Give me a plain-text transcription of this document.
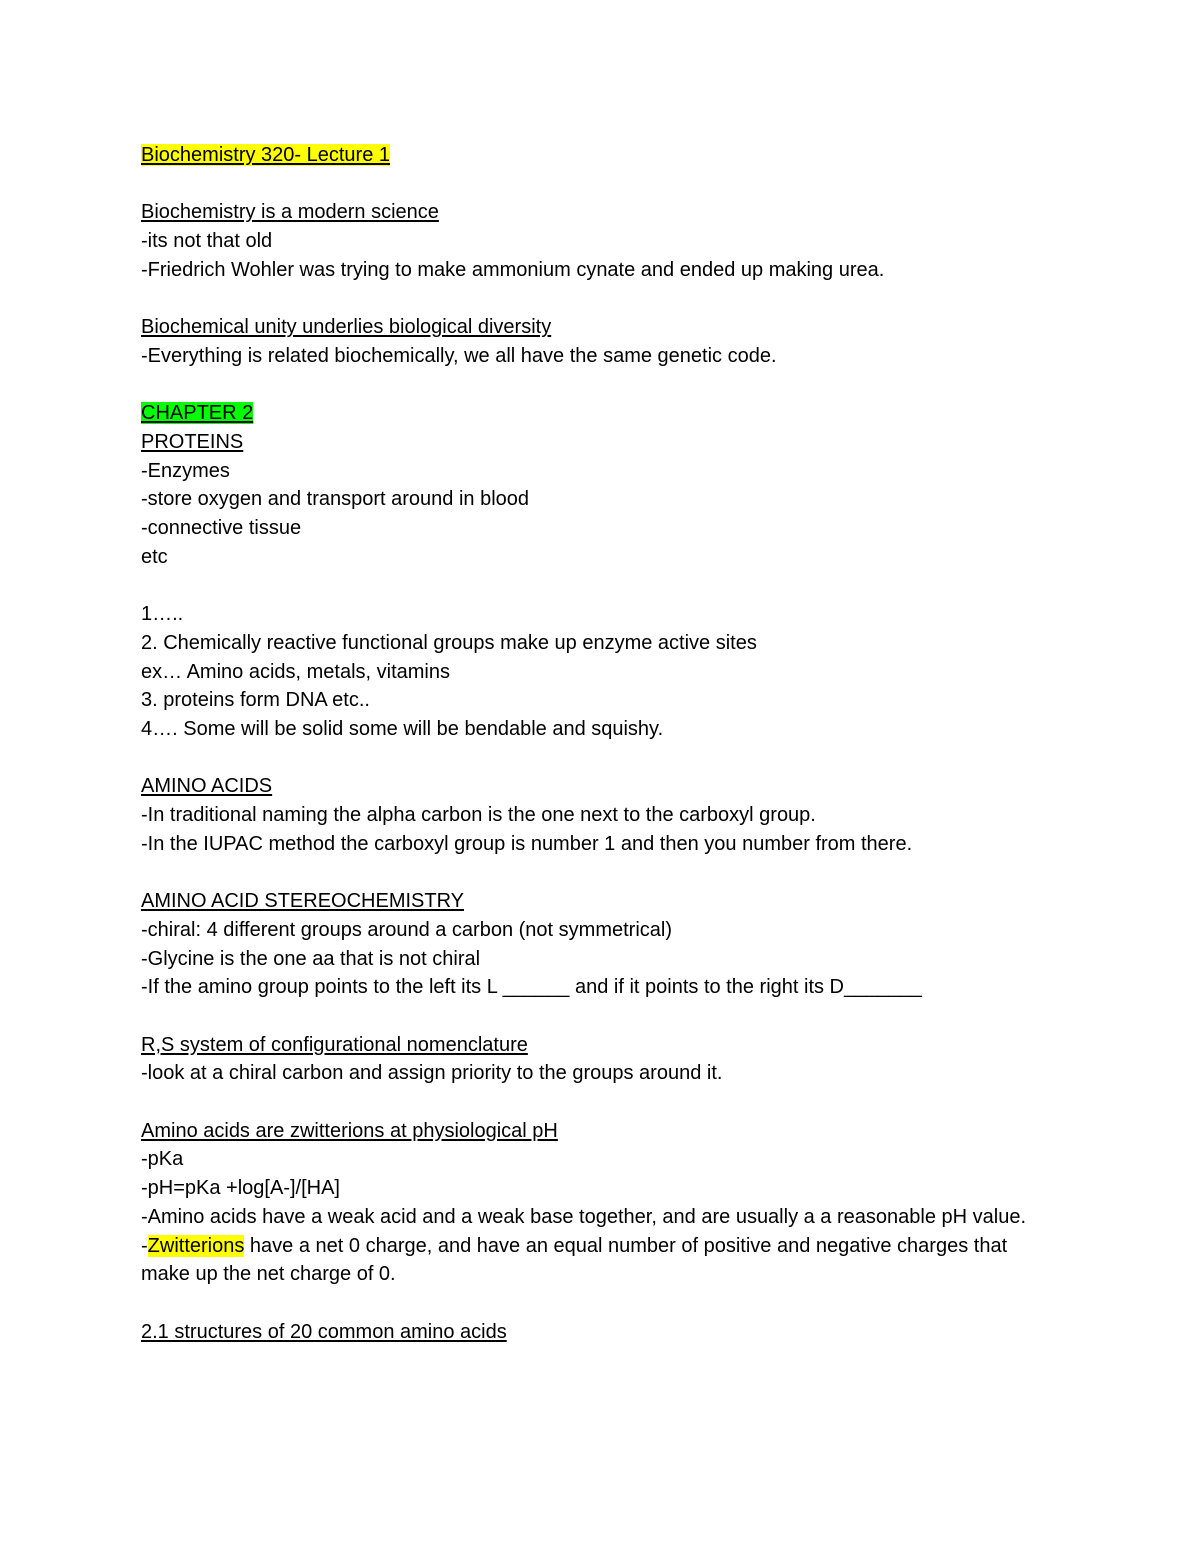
Biochemistry 320- Lecture 1
Biochemistry is a modern science
-its not that old
-Friedrich Wohler was trying to make ammonium cynate and ended up making urea.
Biochemical unity underlies biological diversity
-Everything is related biochemically, we all have the same genetic code.
CHAPTER 2
PROTEINS
-Enzymes
-store oxygen and transport around in blood
-connective tissue
etc
1…..
2. Chemically reactive functional groups make up enzyme active sites
ex… Amino acids, metals, vitamins
3. proteins form DNA etc..
4…. Some will be solid some will be bendable and squishy.
AMINO ACIDS
-In traditional naming the alpha carbon is the one next to the carboxyl group.
-In the IUPAC method the carboxyl group is number 1 and then you number from there.
AMINO ACID STEREOCHEMISTRY
-chiral: 4 different groups around a carbon (not symmetrical)
-Glycine is the one aa that is not chiral
-If the amino group points to the left its L ______ and if it points to the right its D_______
R,S system of configurational nomenclature
-look at a chiral carbon and assign priority to the groups around it.
Amino acids are zwitterions at physiological pH
-pKa
-pH=pKa +log[A-]/[HA]
-Amino acids have a weak acid and a weak base together, and are usually a a reasonable pH value.
-Zwitterions have a net 0 charge, and have an equal number of positive and negative charges that make up the net charge of 0.
2.1 structures of 20 common amino acids
